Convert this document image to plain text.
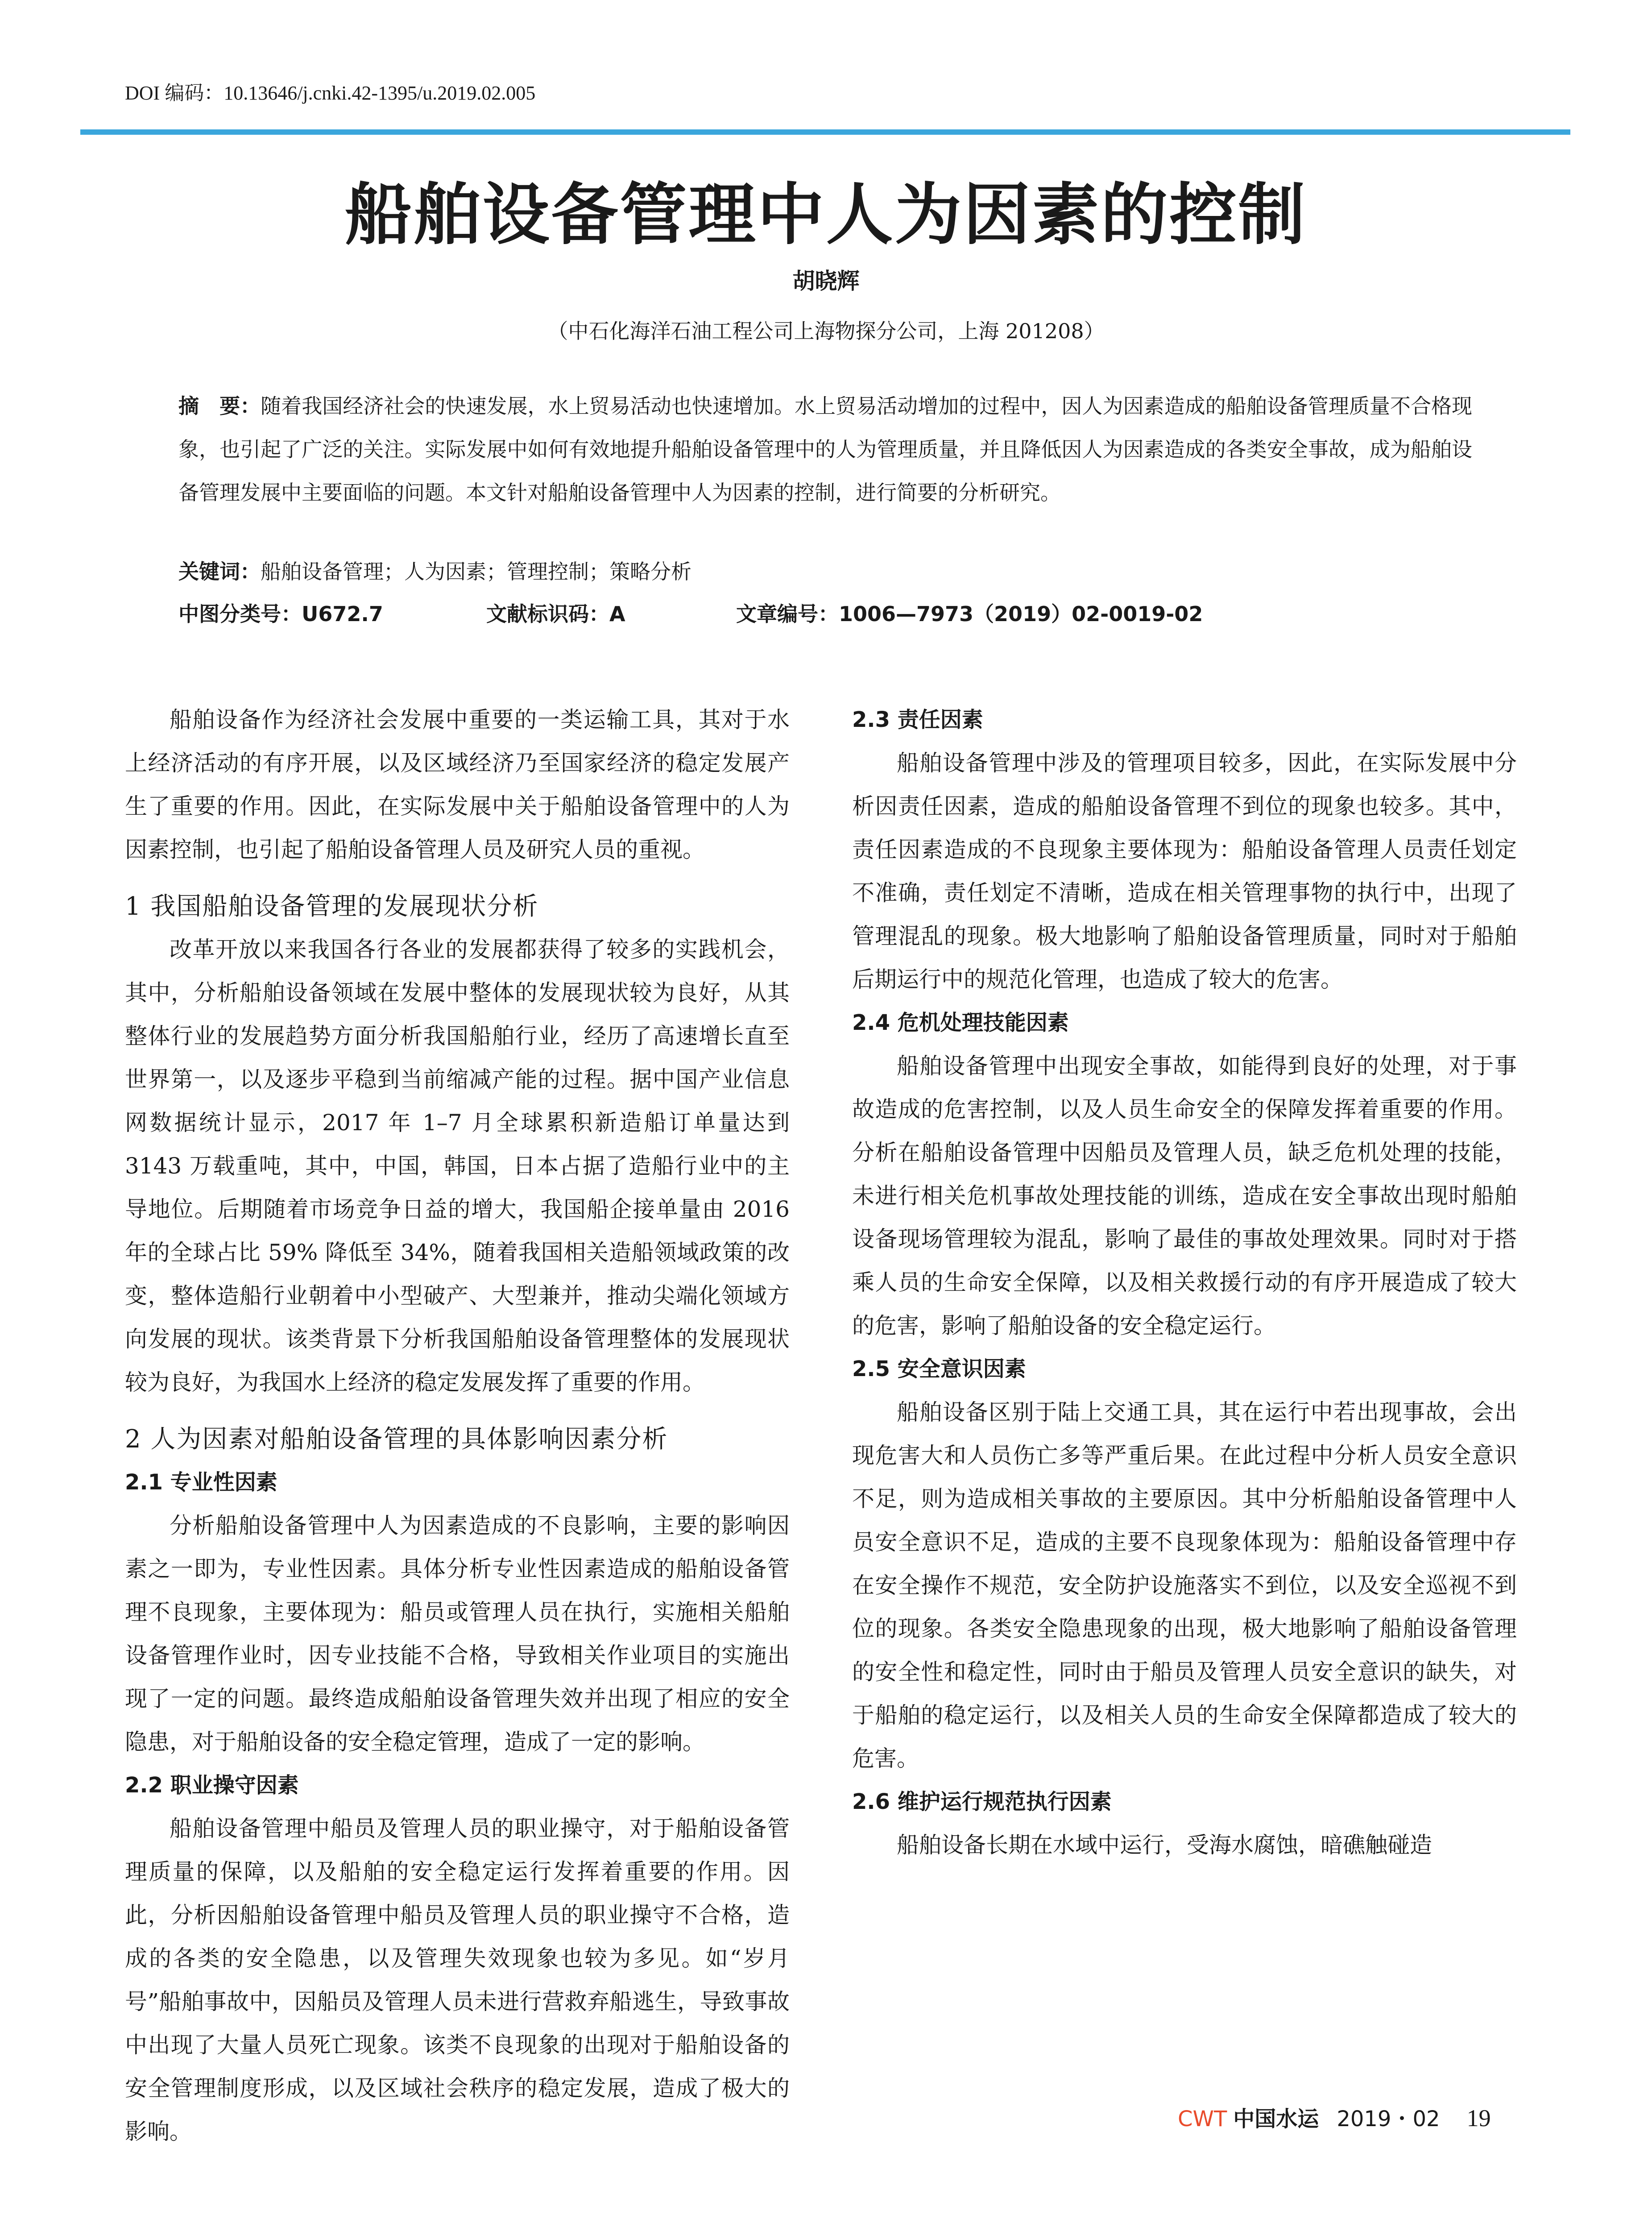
DOI 编码：10.13646/j.cnki.42-1395/u.2019.02.005
船舶设备管理中人为因素的控制
胡晓辉
（中石化海洋石油工程公司上海物探分公司，上海 201208）
摘　要：随着我国经济社会的快速发展，水上贸易活动也快速增加。水上贸易活动增加的过程中，因人为因素造成的船舶设备管理质量不合格现象，也引起了广泛的关注。实际发展中如何有效地提升船舶设备管理中的人为管理质量，并且降低因人为因素造成的各类安全事故，成为船舶设备管理发展中主要面临的问题。本文针对船舶设备管理中人为因素的控制，进行简要的分析研究。
关键词：船舶设备管理；人为因素；管理控制；策略分析
中图分类号：U672.7	文献标识码：A	文章编号：1006—7973（2019）02-0019-02

船舶设备作为经济社会发展中重要的一类运输工具，其对于水上经济活动的有序开展，以及区域经济乃至国家经济的稳定发展产生了重要的作用。因此，在实际发展中关于船舶设备管理中的人为因素控制，也引起了船舶设备管理人员及研究人员的重视。

1 我国船舶设备管理的发展现状分析

改革开放以来我国各行各业的发展都获得了较多的实践机会，其中，分析船舶设备领域在发展中整体的发展现状较为良好，从其整体行业的发展趋势方面分析我国船舶行业，经历了高速增长直至世界第一，以及逐步平稳到当前缩减产能的过程。据中国产业信息网数据统计显示，2017 年 1–7 月全球累积新造船订单量达到 3143 万载重吨，其中，中国，韩国，日本占据了造船行业中的主导地位。后期随着市场竞争日益的增大，我国船企接单量由 2016 年的全球占比 59% 降低至 34%，随着我国相关造船领域政策的改变，整体造船行业朝着中小型破产、大型兼并，推动尖端化领域方向发展的现状。该类背景下分析我国船舶设备管理整体的发展现状较为良好，为我国水上经济的稳定发展发挥了重要的作用。

2 人为因素对船舶设备管理的具体影响因素分析
2.1 专业性因素

分析船舶设备管理中人为因素造成的不良影响，主要的影响因素之一即为，专业性因素。具体分析专业性因素造成的船舶设备管理不良现象，主要体现为：船员或管理人员在执行，实施相关船舶设备管理作业时，因专业技能不合格，导致相关作业项目的实施出现了一定的问题。最终造成船舶设备管理失效并出现了相应的安全隐患，对于船舶设备的安全稳定管理，造成了一定的影响。

2.2 职业操守因素

船舶设备管理中船员及管理人员的职业操守，对于船舶设备管理质量的保障，以及船舶的安全稳定运行发挥着重要的作用。因此，分析因船舶设备管理中船员及管理人员的职业操守不合格，造成的各类的安全隐患，以及管理失效现象也较为多见。如“岁月号”船舶事故中，因船员及管理人员未进行营救弃船逃生，导致事故中出现了大量人员死亡现象。该类不良现象的出现对于船舶设备的安全管理制度形成，以及区域社会秩序的稳定发展，造成了极大的影响。

2.3 责任因素

船舶设备管理中涉及的管理项目较多，因此，在实际发展中分析因责任因素，造成的船舶设备管理不到位的现象也较多。其中，责任因素造成的不良现象主要体现为：船舶设备管理人员责任划定不准确，责任划定不清晰，造成在相关管理事物的执行中，出现了管理混乱的现象。极大地影响了船舶设备管理质量，同时对于船舶后期运行中的规范化管理，也造成了较大的危害。

2.4 危机处理技能因素

船舶设备管理中出现安全事故，如能得到良好的处理，对于事故造成的危害控制，以及人员生命安全的保障发挥着重要的作用。分析在船舶设备管理中因船员及管理人员，缺乏危机处理的技能，未进行相关危机事故处理技能的训练，造成在安全事故出现时船舶设备现场管理较为混乱，影响了最佳的事故处理效果。同时对于搭乘人员的生命安全保障，以及相关救援行动的有序开展造成了较大的危害，影响了船舶设备的安全稳定运行。

2.5 安全意识因素

船舶设备区别于陆上交通工具，其在运行中若出现事故，会出现危害大和人员伤亡多等严重后果。在此过程中分析人员安全意识不足，则为造成相关事故的主要原因。其中分析船舶设备管理中人员安全意识不足，造成的主要不良现象体现为：船舶设备管理中存在安全操作不规范，安全防护设施落实不到位，以及安全巡视不到位的现象。各类安全隐患现象的出现，极大地影响了船舶设备管理的安全性和稳定性，同时由于船员及管理人员安全意识的缺失，对于船舶的稳定运行，以及相关人员的生命安全保障都造成了较大的危害。

2.6 维护运行规范执行因素

船舶设备长期在水域中运行，受海水腐蚀，暗礁触碰造

CWT 中国水运 2019・02 19
